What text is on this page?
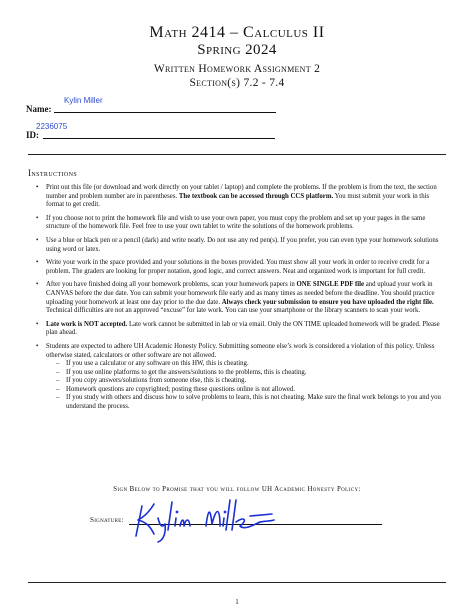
Math 2414 – Calculus II
Spring 2024
Written Homework Assignment 2
Section(s) 7.2 - 7.4
Name:
Kylin Miller
ID:
2236075
Instructions
• Print out this file (or download and work directly on your tablet / laptop) and complete the problems. If the problem is from the text, the section number and problem number are in parentheses. The textbook can be accessed through CCS platform. You must submit your work in this format to get credit.
• If you choose not to print the homework file and wish to use your own paper, you must copy the problem and set up your pages in the same structure of the homework file. Feel free to use your own tablet to write the solutions of the homework problems.
• Use a blue or black pen or a pencil (dark) and write neatly. Do not use any red pen(s). If you prefer, you can even type your homework solutions using word or latex.
• Write your work in the space provided and your solutions in the boxes provided. You must show all your work in order to receive credit for a problem. The graders are looking for proper notation, good logic, and correct answers. Neat and organized work is important for full credit.
• After you have finished doing all your homework problems, scan your homework papers in ONE SINGLE PDF file and upload your work in CANVAS before the due date. You can submit your homework file early and as many times as needed before the deadline. You should practice uploading your homework at least one day prior to the due date. Always check your submission to ensure you have uploaded the right file. Technical difficulties are not an approved “excuse” for late work. You can use your smartphone or the library scanners to scan your work.
• Late work is NOT accepted. Late work cannot be submitted in lab or via email. Only the ON TIME uploaded homework will be graded. Please plan ahead.
• Students are expected to adhere UH Academic Honesty Policy. Submitting someone else’s work is considered a violation of this policy. Unless otherwise stated, calculators or other software are not allowed.
– If you use a calculator or any software on this HW, this is cheating.
– If you use online platforms to get the answers/solutions to the problems, this is cheating.
– If you copy answers/solutions from someone else, this is cheating.
– Homework questions are copyrighted; posting these questions online is not allowed.
– If you study with others and discuss how to solve problems to learn, this is not cheating. Make sure the final work belongs to you and you understand the process.
Sign Below to Promise that you will follow UH Academic Honesty Policy:
Signature:
1
